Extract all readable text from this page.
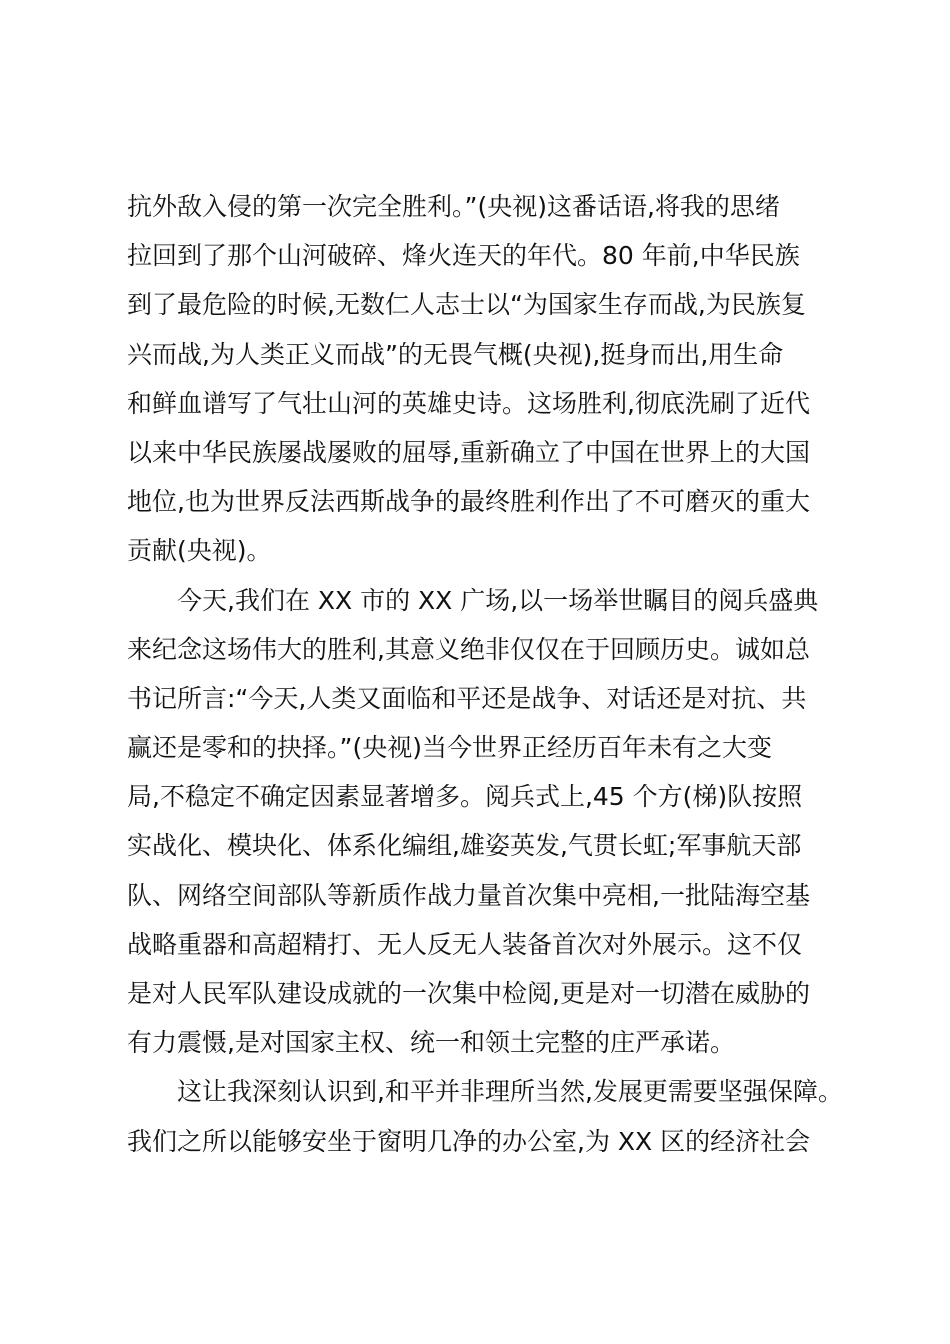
抗外敌入侵的第一次完全胜利。”(央视)这番话语,将我的思绪
拉回到了那个山河破碎、烽火连天的年代。80 年前,中华民族
到了最危险的时候,无数仁人志士以“为国家生存而战,为民族复
兴而战,为人类正义而战”的无畏气概(央视),挺身而出,用生命
和鲜血谱写了气壮山河的英雄史诗。这场胜利,彻底洗刷了近代
以来中华民族屡战屡败的屈辱,重新确立了中国在世界上的大国
地位,也为世界反法西斯战争的最终胜利作出了不可磨灭的重大
贡献(央视)。
今天,我们在 XX 市的 XX 广场,以一场举世瞩目的阅兵盛典
来纪念这场伟大的胜利,其意义绝非仅仅在于回顾历史。诚如总
书记所言:“今天,人类又面临和平还是战争、对话还是对抗、共
赢还是零和的抉择。”(央视)当今世界正经历百年未有之大变
局,不稳定不确定因素显著增多。阅兵式上,45 个方(梯)队按照
实战化、模块化、体系化编组,雄姿英发,气贯长虹;军事航天部
队、网络空间部队等新质作战力量首次集中亮相,一批陆海空基
战略重器和高超精打、无人反无人装备首次对外展示。这不仅
是对人民军队建设成就的一次集中检阅,更是对一切潜在威胁的
有力震慑,是对国家主权、统一和领土完整的庄严承诺。
这让我深刻认识到,和平并非理所当然,发展更需要坚强保障。
我们之所以能够安坐于窗明几净的办公室,为 XX 区的经济社会
